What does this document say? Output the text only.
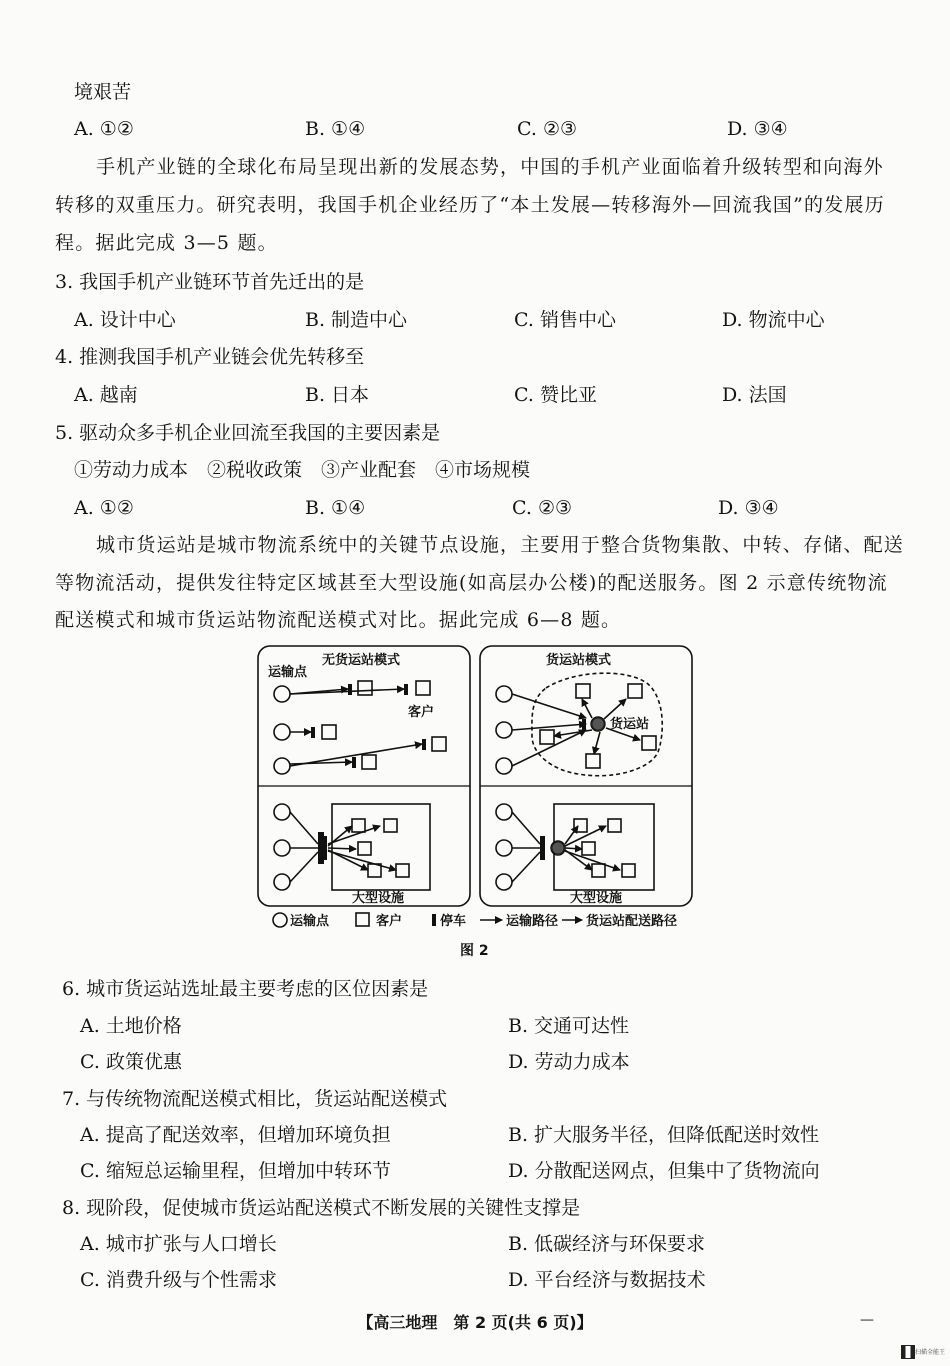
境艰苦
A. ①②	B. ①④	C. ②③	D. ③④
手机产业链的全球化布局呈现出新的发展态势，中国的手机产业面临着升级转型和向海外
转移的双重压力。研究表明，我国手机企业经历了“本土发展—转移海外—回流我国”的发展历
程。据此完成 3—5 题。
3. 我国手机产业链环节首先迁出的是
A. 设计中心	B. 制造中心	C. 销售中心	D. 物流中心
4. 推测我国手机产业链会优先转移至
A. 越南	B. 日本	C. 赞比亚	D. 法国
5. 驱动众多手机企业回流至我国的主要因素是
①劳动力成本　②税收政策　③产业配套　④市场规模
A. ①②	B. ①④	C. ②③	D. ③④
城市货运站是城市物流系统中的关键节点设施，主要用于整合货物集散、中转、存储、配送
等物流活动，提供发往特定区域甚至大型设施(如高层办公楼)的配送服务。图 2 示意传统物流
配送模式和城市货运站物流配送模式对比。据此完成 6—8 题。
无货运站模式	货运站模式
运输点
客户
货运站
大型设施	大型设施
运输点	客户	停车	运输路径 货运站配送路径
图 2
6. 城市货运站选址最主要考虑的区位因素是
A. 土地价格	B. 交通可达性
C. 政策优惠	D. 劳动力成本
7. 与传统物流配送模式相比，货运站配送模式
A. 提高了配送效率，但增加环境负担	B. 扩大服务半径，但降低配送时效性
C. 缩短总运输里程，但增加中转环节	D. 分散配送网点，但集中了货物流向
8. 现阶段，促使城市货运站配送模式不断发展的关键性支撑是
A. 城市扩张与人口增长	B. 低碳经济与环保要求
C. 消费升级与个性需求	D. 平台经济与数据技术
【高三地理　第 2 页(共 6 页)】	—
扫描全能王
